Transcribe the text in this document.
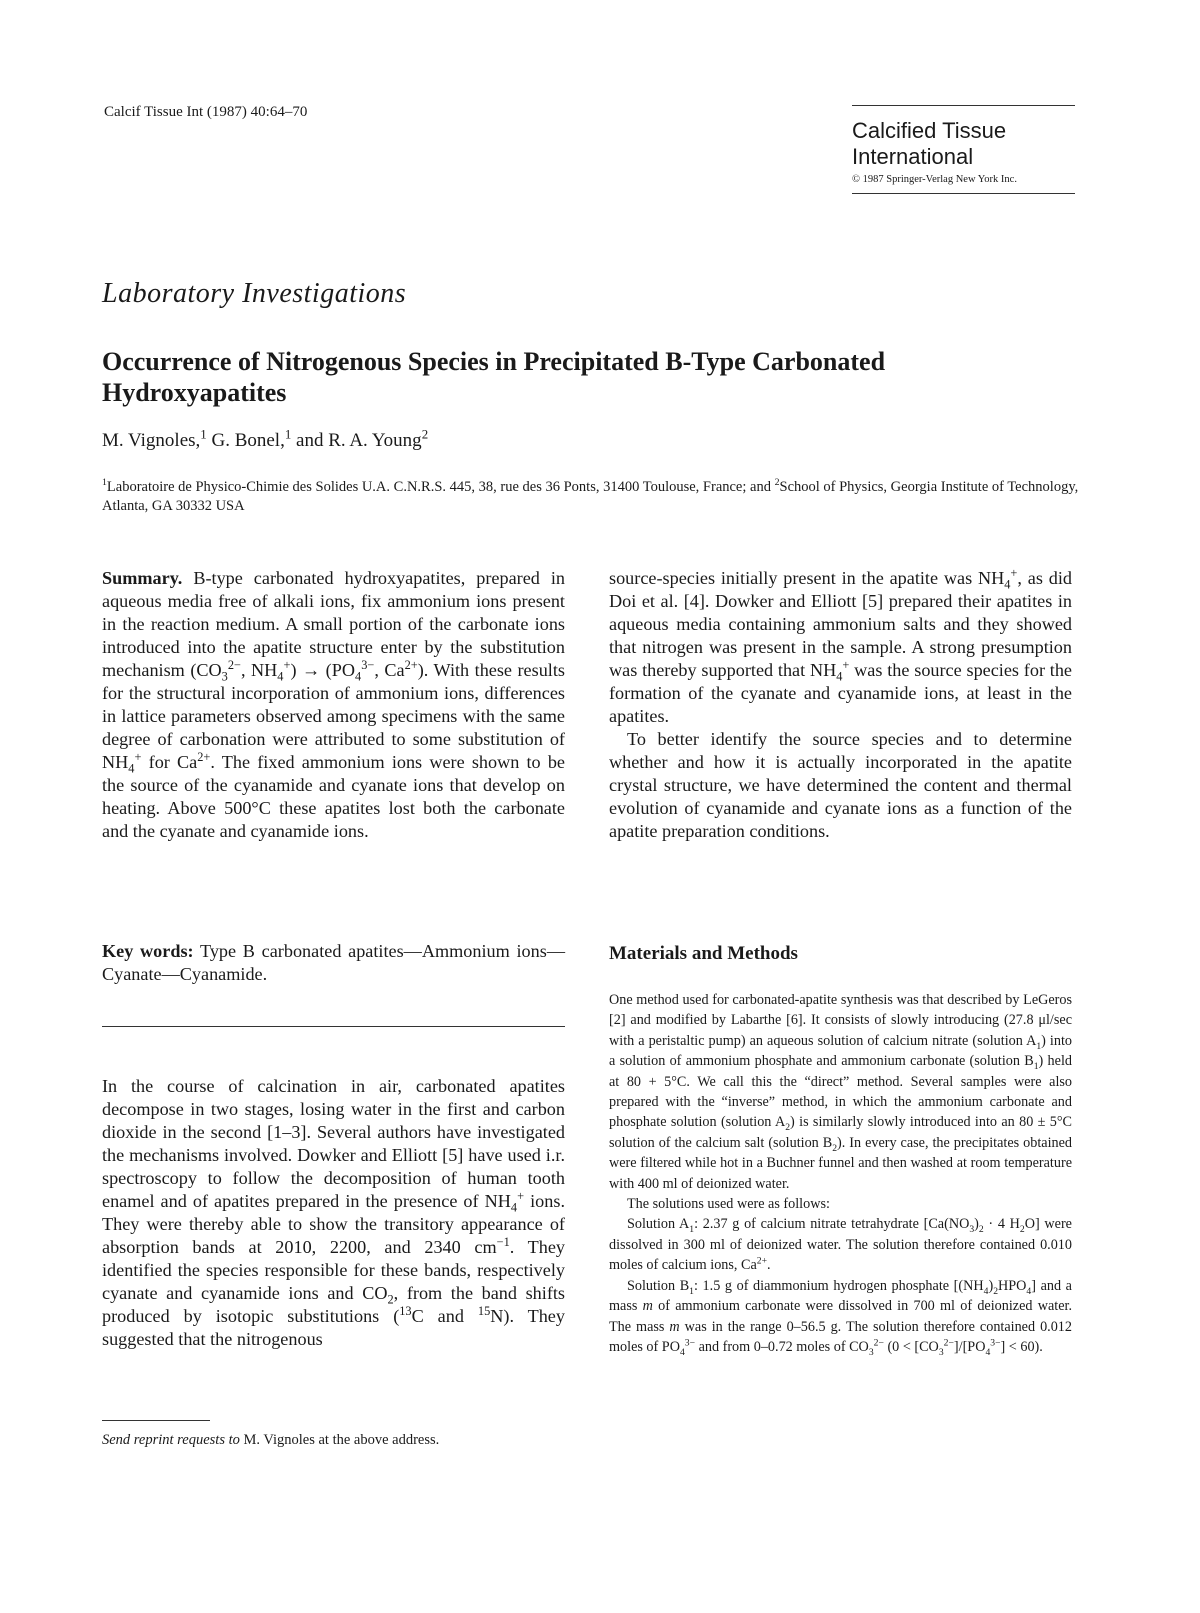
Calcif Tissue Int (1987) 40:64–70
Calcified Tissue
International
© 1987 Springer-Verlag New York Inc.
Laboratory Investigations
Occurrence of Nitrogenous Species in Precipitated B-Type Carbonated Hydroxyapatites
M. Vignoles,$^1$ G. Bonel,$^1$ and R. A. Young$^2$
$^1$Laboratoire de Physico-Chimie des Solides U.A. C.N.R.S. 445, 38, rue des 36 Ponts, 31400 Toulouse, France; and $^2$School of Physics, Georgia Institute of Technology, Atlanta, GA 30332 USA
Summary. B-type carbonated hydroxyapatites, prepared in aqueous media free of alkali ions, fix ammonium ions present in the reaction medium. A small portion of the carbonate ions introduced into the apatite structure enter by the substitution mechanism ($CO_3^{2-}$, $NH_4^+) \to (PO_4^{3-}$, $Ca^{2+}$). With these results for the structural incorporation of ammonium ions, differences in lattice parameters observed among specimens with the same degree of carbonation were attributed to some substitution of $NH_4^+$ for $Ca^{2+}$. The fixed ammonium ions were shown to be the source of the cyanamide and cyanate ions that develop on heating. Above 500°C these apatites lost both the carbonate and the cyanate and cyanamide ions.
Key words: Type B carbonated apatites—Ammonium ions—Cyanate—Cyanamide.
In the course of calcination in air, carbonated apatites decompose in two stages, losing water in the first and carbon dioxide in the second [1–3]. Several authors have investigated the mechanisms involved. Dowker and Elliott [5] have used i.r. spectroscopy to follow the decomposition of human tooth enamel and of apatites prepared in the presence of $NH_4^+$ ions. They were thereby able to show the transitory appearance of absorption bands at 2010, 2200, and 2340 $cm^{-1}$. They identified the species responsible for these bands, respectively cyanate and cyanamide ions and $CO_2$, from the band shifts produced by isotopic substitutions ($^{13}$C and $^{15}$N). They suggested that the nitrogenous
Send reprint requests to M. Vignoles at the above address.

source-species initially present in the apatite was $NH_4^+$, as did Doi et al. [4]. Dowker and Elliott [5] prepared their apatites in aqueous media containing ammonium salts and they showed that nitrogen was present in the sample. A strong presumption was thereby supported that $NH_4^+$ was the source species for the formation of the cyanate and cyanamide ions, at least in the apatites.

To better identify the source species and to determine whether and how it is actually incorporated in the apatite crystal structure, we have determined the content and thermal evolution of cyanamide and cyanate ions as a function of the apatite preparation conditions.

Materials and Methods

One method used for carbonated-apatite synthesis was that described by LeGeros [2] and modified by Labarthe [6]. It consists of slowly introducing (27.8 μl/sec with a peristaltic pump) an aqueous solution of calcium nitrate (solution $A_1$) into a solution of ammonium phosphate and ammonium carbonate (solution $B_1$) held at 80 + 5°C. We call this the “direct” method. Several samples were also prepared with the “inverse” method, in which the ammonium carbonate and phosphate solution (solution $A_2$) is similarly slowly introduced into an 80 ± 5°C solution of the calcium salt (solution $B_2$). In every case, the precipitates obtained were filtered while hot in a Buchner funnel and then washed at room temperature with 400 ml of deionized water.

The solutions used were as follows:

Solution $A_1$: 2.37 g of calcium nitrate tetrahydrate [$Ca(NO_3)_2 \cdot 4$ $H_2O$] were dissolved in 300 ml of deionized water. The solution therefore contained 0.010 moles of calcium ions, $Ca^{2+}$.

Solution $B_1$: 1.5 g of diammonium hydrogen phosphate $[(NH_4)_2HPO_4]$ and a mass m of ammonium carbonate were dissolved in 700 ml of deionized water. The mass m was in the range 0–56.5 g. The solution therefore contained 0.012 moles of $PO_4^{3-}$ and from 0–0.72 moles of $CO_3^{2-}$ $(0 < [CO_3^{2-}]/[PO_4^{3-}] < 60)$.
